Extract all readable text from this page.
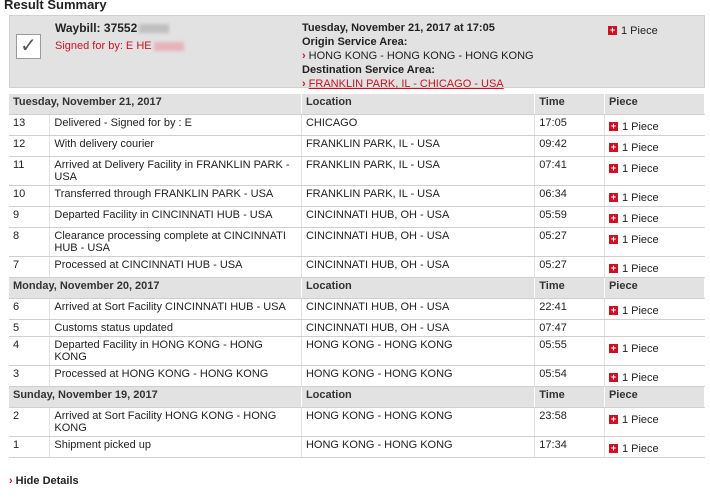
Result Summary
✓
Waybill: 37552
Signed for by: E HE
Tuesday, November 21, 2017 at 17:05
Origin Service Area:
› HONG KONG - HONG KONG - HONG KONG
Destination Service Area:
› FRANKLIN PARK, IL - CHICAGO - USA
+ 1 Piece
Tuesday, November 21, 2017		Location	Time	Piece
13	Delivered - Signed for by : E	CHICAGO	17:05	+ 1 Piece
12	With delivery courier	FRANKLIN PARK, IL - USA	09:42	+ 1 Piece
11	Arrived at Delivery Facility in FRANKLIN PARK - USA	FRANKLIN PARK, IL - USA	07:41	+ 1 Piece
10	Transferred through FRANKLIN PARK - USA	FRANKLIN PARK, IL - USA	06:34	+ 1 Piece
9	Departed Facility in CINCINNATI HUB - USA	CINCINNATI HUB, OH - USA	05:59	+ 1 Piece
8	Clearance processing complete at CINCINNATI HUB - USA	CINCINNATI HUB, OH - USA	05:27	+ 1 Piece
7	Processed at CINCINNATI HUB - USA	CINCINNATI HUB, OH - USA	05:27	+ 1 Piece
Monday, November 20, 2017		Location	Time	Piece
6	Arrived at Sort Facility CINCINNATI HUB - USA	CINCINNATI HUB, OH - USA	22:41	+ 1 Piece
5	Customs status updated	CINCINNATI HUB, OH - USA	07:47	
4	Departed Facility in HONG KONG - HONG KONG	HONG KONG - HONG KONG	05:55	+ 1 Piece
3	Processed at HONG KONG - HONG KONG	HONG KONG - HONG KONG	05:54	+ 1 Piece
Sunday, November 19, 2017		Location	Time	Piece
2	Arrived at Sort Facility HONG KONG - HONG KONG	HONG KONG - HONG KONG	23:58	+ 1 Piece
1	Shipment picked up	HONG KONG - HONG KONG	17:34	+ 1 Piece
› Hide Details
